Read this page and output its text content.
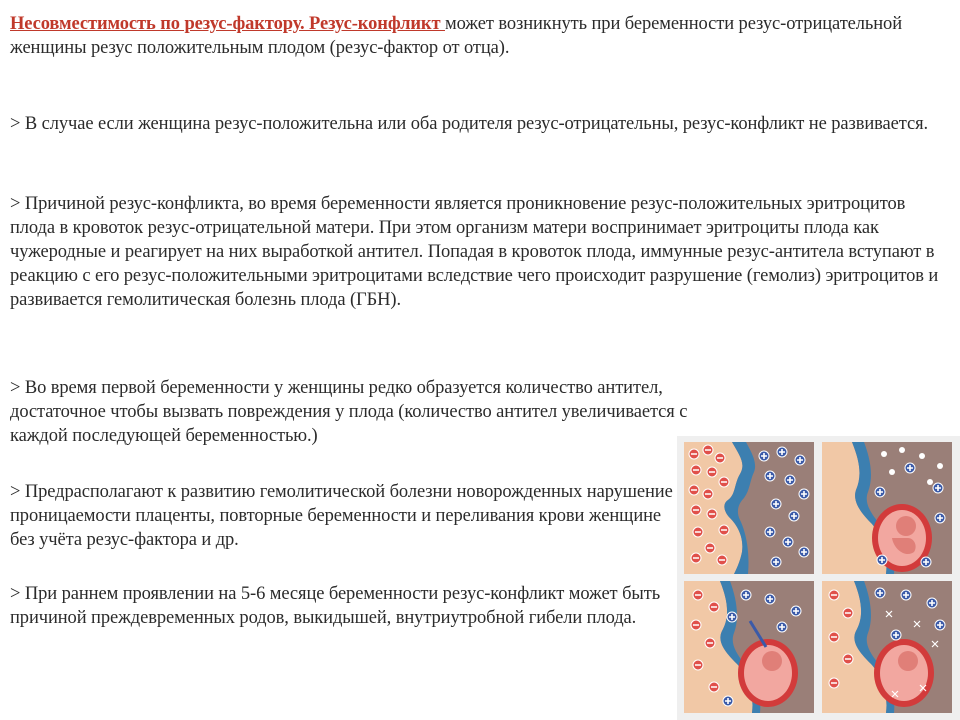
Несовместимость по резус-фактору. Резус-конфликт может возникнуть при беременности резус-отрицательной женщины резус положительным плодом (резус-фактор от отца).

> В случае если женщина резус-положительна или оба родителя резус-отрицательны, резус-конфликт не развивается.

> Причиной резус-конфликта, во время беременности является проникновение резус-положительных эритроцитов плода в кровоток резус-отрицательной матери. При этом организм матери воспринимает эритроциты плода как чужеродные и реагирует на них выработкой антител. Попадая в кровоток плода, иммунные резус-антитела вступают в реакцию с его резус-положительными эритроцитами вследствие чего происходит разрушение (гемолиз) эритроцитов и развивается гемолитическая болезнь плода (ГБН).

> Во время первой беременности у женщины редко образуется количество антител, достаточное чтобы вызвать повреждения у плода (количество антител увеличивается с каждой последующей беременностью.)

> Предрасполагают к развитию гемолитической болезни новорожденных нарушение проницаемости плаценты, повторные беременности и переливания крови женщине без учёта резус-фактора и др.

> При раннем проявлении на 5-6 месяце беременности резус-конфликт может быть причиной преждевременных родов, выкидышей, внутриутробной гибели плода.
